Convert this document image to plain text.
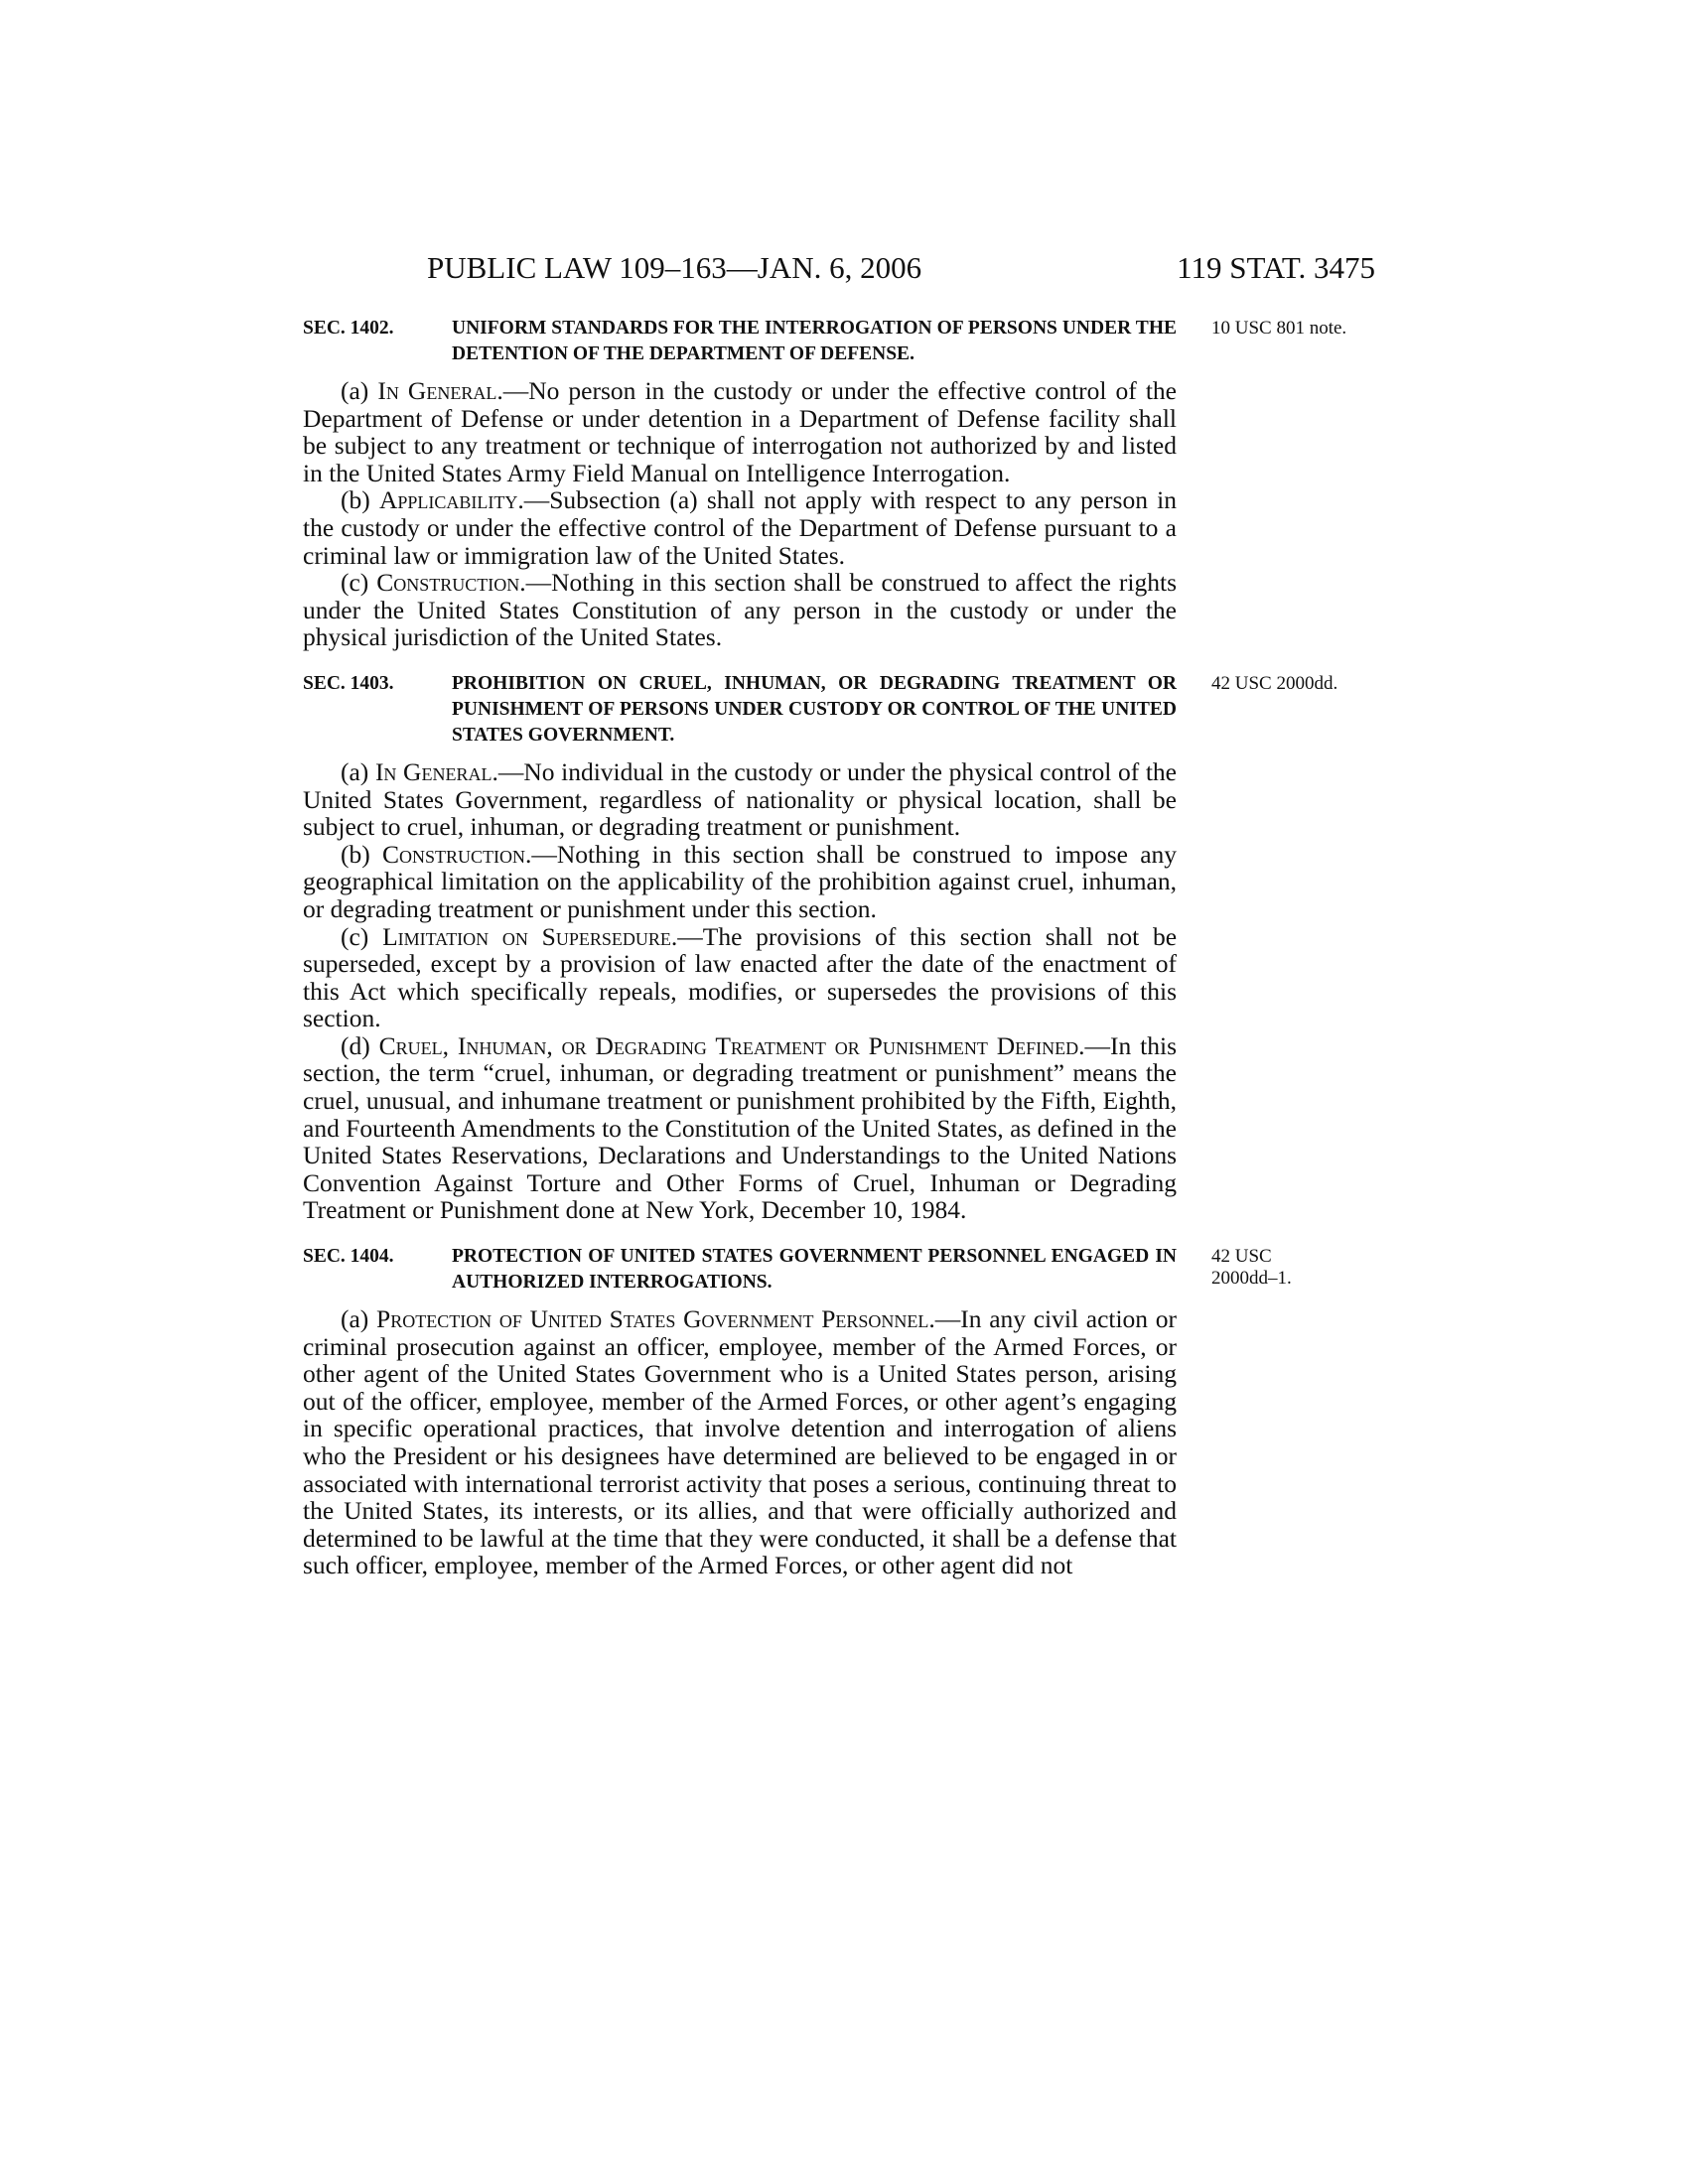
PUBLIC LAW 109–163—JAN. 6, 2006	119 STAT. 3475
SEC. 1402.	UNIFORM STANDARDS FOR THE INTERROGATION OF PERSONS UNDER THE DETENTION OF THE DEPARTMENT OF DEFENSE.
10 USC 801 note.

(a) In General.—No person in the custody or under the effective control of the Department of Defense or under detention in a Department of Defense facility shall be subject to any treatment or technique of interrogation not authorized by and listed in the United States Army Field Manual on Intelligence Interrogation.

(b) Applicability.—Subsection (a) shall not apply with respect to any person in the custody or under the effective control of the Department of Defense pursuant to a criminal law or immigration law of the United States.

(c) Construction.—Nothing in this section shall be construed to affect the rights under the United States Constitution of any person in the custody or under the physical jurisdiction of the United States.

SEC. 1403.	PROHIBITION ON CRUEL, INHUMAN, OR DEGRADING TREATMENT OR PUNISHMENT OF PERSONS UNDER CUSTODY OR CONTROL OF THE UNITED STATES GOVERNMENT.
42 USC 2000dd.

(a) In General.—No individual in the custody or under the physical control of the United States Government, regardless of nationality or physical location, shall be subject to cruel, inhuman, or degrading treatment or punishment.

(b) Construction.—Nothing in this section shall be construed to impose any geographical limitation on the applicability of the prohibition against cruel, inhuman, or degrading treatment or punishment under this section.

(c) Limitation on Supersedure.—The provisions of this section shall not be superseded, except by a provision of law enacted after the date of the enactment of this Act which specifically repeals, modifies, or supersedes the provisions of this section.

(d) Cruel, Inhuman, or Degrading Treatment or Punishment Defined.—In this section, the term “cruel, inhuman, or degrading treatment or punishment” means the cruel, unusual, and inhumane treatment or punishment prohibited by the Fifth, Eighth, and Fourteenth Amendments to the Constitution of the United States, as defined in the United States Reservations, Declarations and Understandings to the United Nations Convention Against Torture and Other Forms of Cruel, Inhuman or Degrading Treatment or Punishment done at New York, December 10, 1984.

SEC. 1404.	PROTECTION OF UNITED STATES GOVERNMENT PERSONNEL ENGAGED IN AUTHORIZED INTERROGATIONS.
42 USC 2000dd–1.

(a) Protection of United States Government Personnel.—In any civil action or criminal prosecution against an officer, employee, member of the Armed Forces, or other agent of the United States Government who is a United States person, arising out of the officer, employee, member of the Armed Forces, or other agent’s engaging in specific operational practices, that involve detention and interrogation of aliens who the President or his designees have determined are believed to be engaged in or associated with international terrorist activity that poses a serious, continuing threat to the United States, its interests, or its allies, and that were officially authorized and determined to be lawful at the time that they were conducted, it shall be a defense that such officer, employee, member of the Armed Forces, or other agent did not
